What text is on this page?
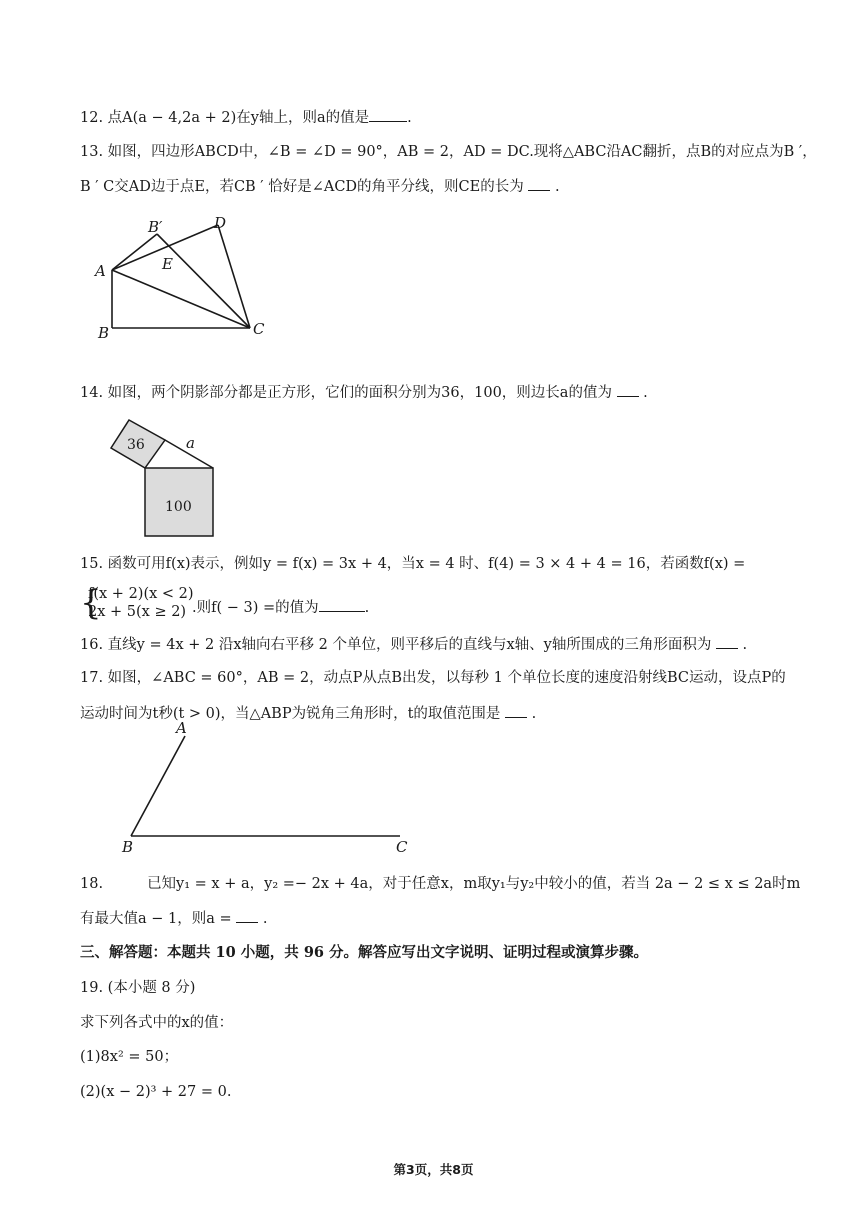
12. 点A(a − 4,2a + 2)在y轴上，则a的值是	.
13. 如图，四边形ABCD中，∠B = ∠D = 90°，AB = 2，AD = DC.现将△ABC沿AC翻折，点B的对应点为B ′，
B ′ C交AD边于点E，若CB ′ 恰好是∠ACD的角平分线，则CE的长为 .
B′	D
A	E
B	C
14. 如图，两个阴影部分都是正方形，它们的面积分别为36，100，则边长a的值为 .
36
100
a
15. 函数可用f(x)表示，例如y = f(x) = 3x + 4，当x = 4 时、f(4) = 3 × 4 + 4 = 16，若函数f(x) =
{
f(x + 2)(x < 2)
2x + 5(x ≥ 2) .则f( − 3) =的值为	.
16. 直线y = 4x + 2 沿x轴向右平移 2 个单位，则平移后的直线与x轴、y轴所围成的三角形面积为 .
17. 如图，∠ABC = 60°，AB = 2，动点P从点B出发，以每秒 1 个单位长度的速度沿射线BC运动，设点P的
运动时间为t秒(t > 0)，当△ABP为锐角三角形时，t的取值范围是 .
A
B	C
18.	已知y₁ = x + a，y₂ =− 2x + 4a，对于任意x，m取y₁与y₂中较小的值，若当 2a − 2 ≤ x ≤ 2a时m
有最大值a − 1，则a = .
三、解答题：本题共 10 小题，共 96 分。解答应写出文字说明、证明过程或演算步骤。
19. (本小题 8 分)
求下列各式中的x的值：
(1)8x² = 50；
(2)(x − 2)³ + 27 = 0.
第3页，共8页
